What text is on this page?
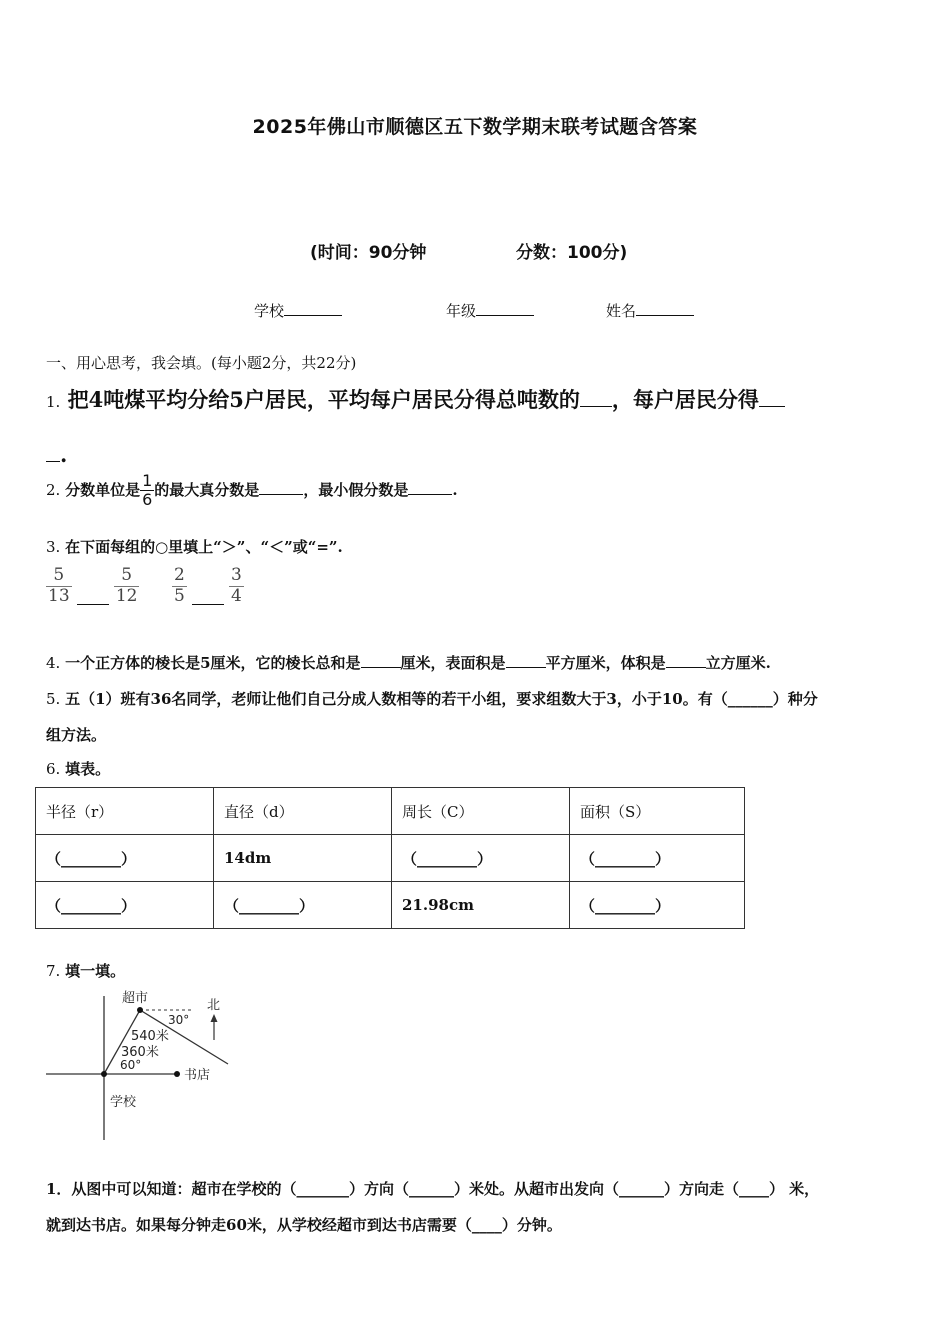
2025年佛山市顺德区五下数学期末联考试题含答案
(时间：90分钟	分数：100分)
学校	年级	姓名
一、用心思考，我会填。(每小题2分，共22分)
1. 把4吨煤平均分给5户居民，平均每户居民分得总吨数的 ，每户居民分得
.
2. 分数单位是 $\frac{1}{6}$ 的最大真分数是	，最小假分数是	.
3. 在下面每组的○里填上“＞”、“＜”或“=”.
$\frac{5}{13}$
$\frac{5}{12} \frac{2}{5}$
$\frac{3}{4}$
4. 一个正方体的棱长是5厘米，它的棱长总和是	厘米，表面积是	平方厘米，体积是	立方厘米.
5. 五（1）班有36名同学，老师让他们自己分成人数相等的若干小组，要求组数大于3，小于10。有（______）种分
组方法。
6. 填表。
半径（r）	直径（d）	周长（C）	面积（S）
（________）	14dm	（________）	（________）
（________）	（________）	21.98cm	（________）
7. 填一填。
超市	北
30°
540米
360米
60°
书店
学校
1．从图中可以知道：超市在学校的（_______）方向（______）米处。从超市出发向（______）方向走（____） 米，
就到达书店。如果每分钟走60米，从学校经超市到达书店需要（____）分钟。
